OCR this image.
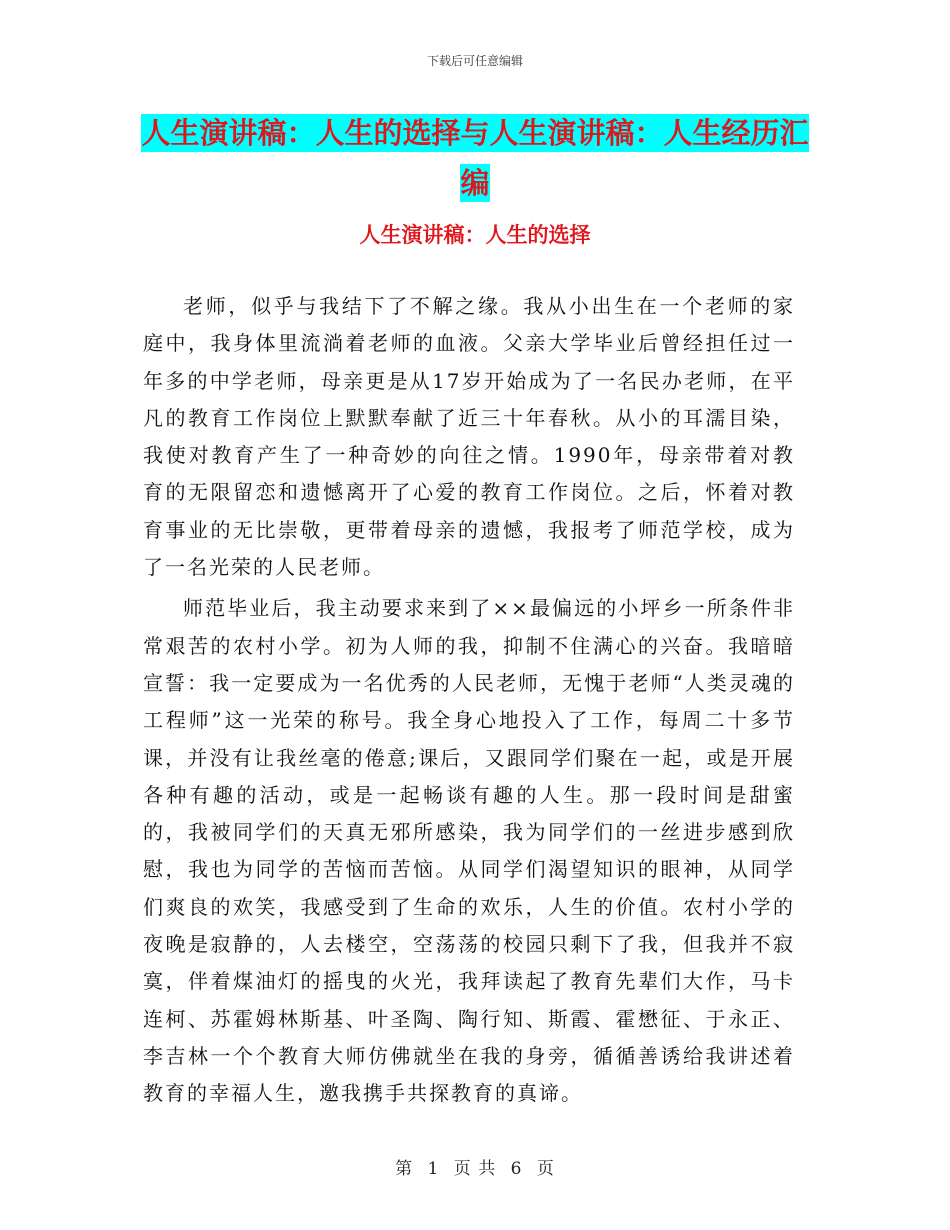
下载后可任意编辑
人生演讲稿：人生的选择与人生演讲稿：人生经历汇编
人生演讲稿：人生的选择

老师，似乎与我结下了不解之缘。我从小出生在一个老师的家庭中，我身体里流淌着老师的血液。父亲大学毕业后曾经担任过一年多的中学老师，母亲更是从17岁开始成为了一名民办老师，在平凡的教育工作岗位上默默奉献了近三十年春秋。从小的耳濡目染，我使对教育产生了一种奇妙的向往之情。1990年，母亲带着对教育的无限留恋和遗憾离开了心爱的教育工作岗位。之后，怀着对教育事业的无比崇敬，更带着母亲的遗憾，我报考了师范学校，成为了一名光荣的人民老师。

师范毕业后，我主动要求来到了××最偏远的小坪乡一所条件非常艰苦的农村小学。初为人师的我，抑制不住满心的兴奋。我暗暗宣誓：我一定要成为一名优秀的人民老师，无愧于老师“人类灵魂的工程师”这一光荣的称号。我全身心地投入了工作，每周二十多节课，并没有让我丝毫的倦意;课后，又跟同学们聚在一起，或是开展各种有趣的活动，或是一起畅谈有趣的人生。那一段时间是甜蜜的，我被同学们的天真无邪所感染，我为同学们的一丝进步感到欣慰，我也为同学的苦恼而苦恼。从同学们渴望知识的眼神，从同学们爽良的欢笑，我感受到了生命的欢乐，人生的价值。农村小学的夜晚是寂静的，人去楼空，空荡荡的校园只剩下了我，但我并不寂寞，伴着煤油灯的摇曳的火光，我拜读起了教育先辈们大作，马卡连柯、苏霍姆林斯基、叶圣陶、陶行知、斯霞、霍懋征、于永正、李吉林一个个教育大师仿佛就坐在我的身旁，循循善诱给我讲述着教育的幸福人生，邀我携手共探教育的真谛。

第 1 页 共 6 页
